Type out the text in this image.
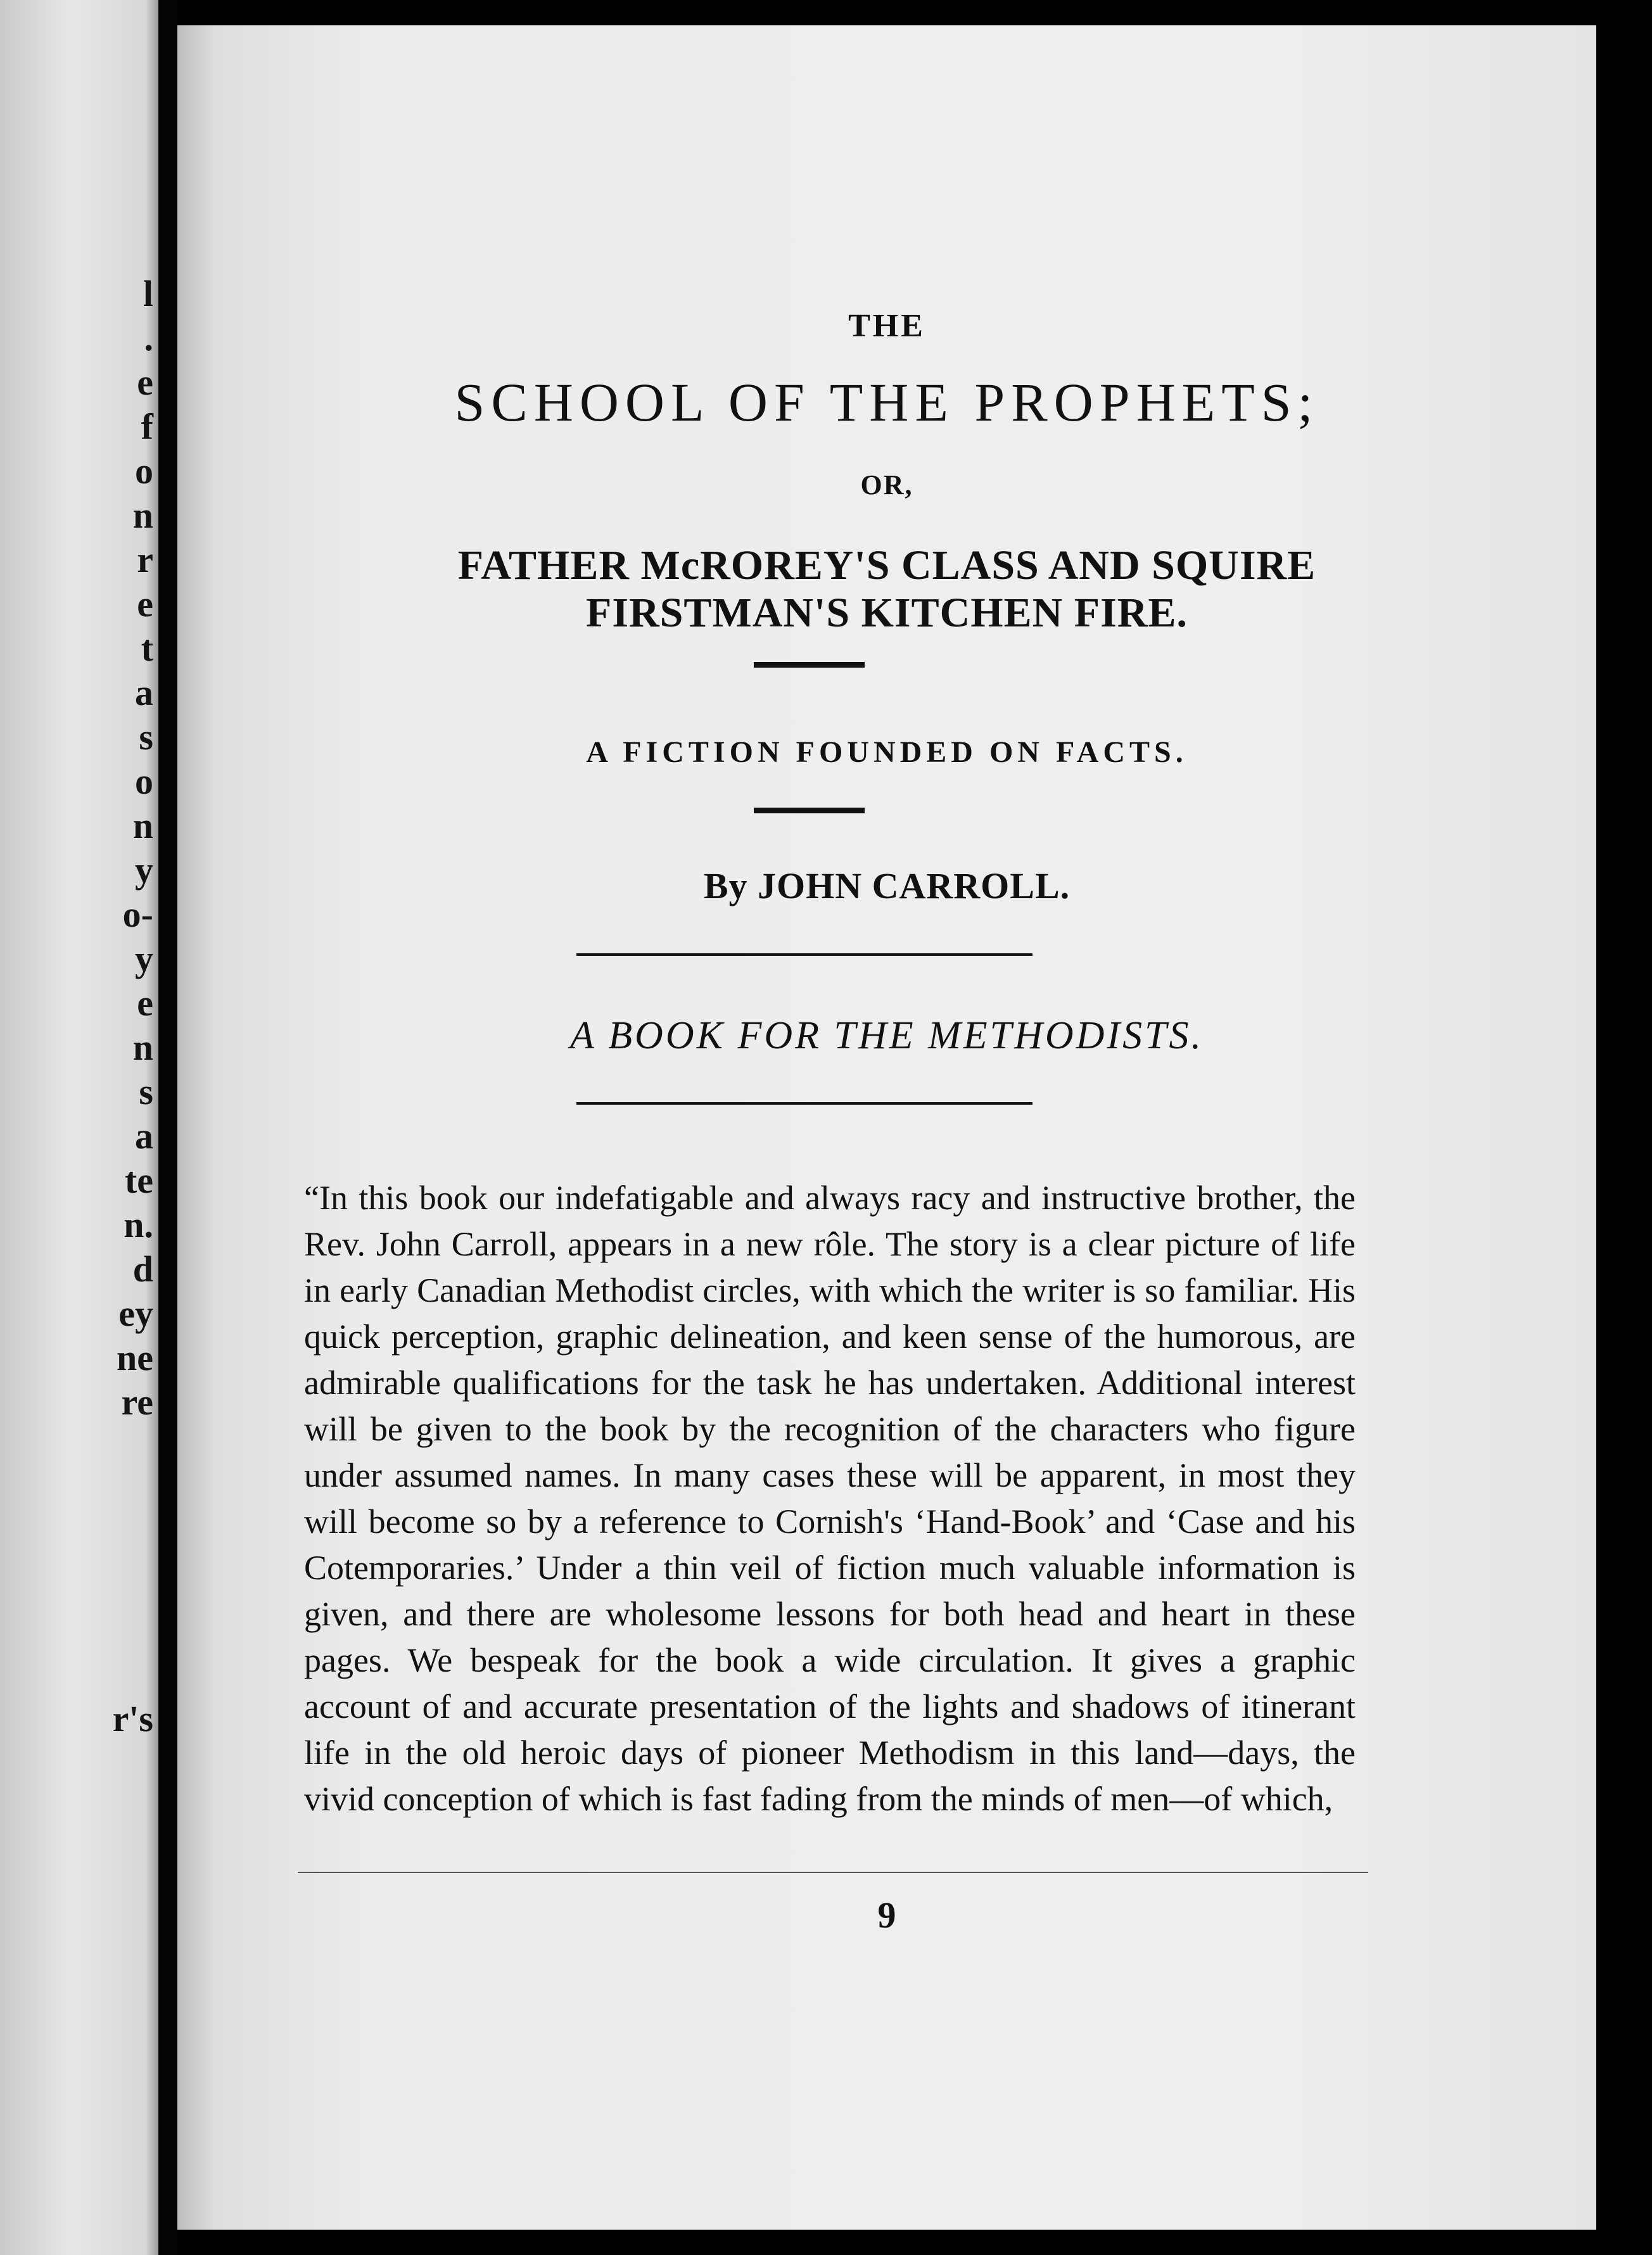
l
.
e
f
o
n
r
e
t
a
s
o
n
y
o-
y
e
n
s
a
te
n.
d
ey
ne
re
r's
THE
SCHOOL OF THE PROPHETS;
OR,
FATHER McROREY'S CLASS AND SQUIRE
FIRSTMAN'S KITCHEN FIRE.
A FICTION FOUNDED ON FACTS.
By JOHN CARROLL.
A BOOK FOR THE METHODISTS.

“In this book our indefatigable and always racy and instructive brother, the Rev. John Carroll, appears in a new rôle. The story is a clear picture of life in early Canadian Methodist circles, with which the writer is so familiar. His quick perception, graphic delineation, and keen sense of the humorous, are admirable qualifications for the task he has undertaken. Additional interest will be given to the book by the recognition of the characters who figure under assumed names. In many cases these will be apparent, in most they will become so by a reference to Cornish's ‘Hand-Book’ and ‘Case and his Cotemporaries.’ Under a thin veil of fiction much valuable information is given, and there are wholesome lessons for both head and heart in these pages. We bespeak for the book a wide circulation. It gives a graphic account of and accurate presentation of the lights and shadows of itinerant life in the old heroic days of pioneer Methodism in this land—days, the vivid conception of which is fast fading from the minds of men—of which,

9
